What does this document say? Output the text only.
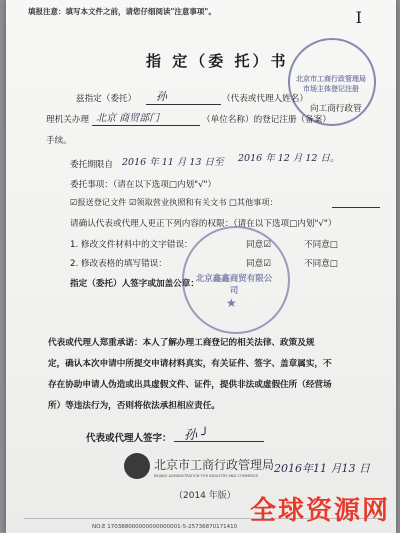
填报注意：填写本文件之前，请您仔细阅读"注意事项"。	I
指 定（委 托）书
北京市工商行政管理局 市场主体登记注册
兹指定（委托） 孙	（代表或代理人姓名）
向工商行政管
理机关办理 北京 商贸部门	（单位名称）的登记注册（备案）
手续。
委托期限自 2016 年 11 月 13 日至 2016 年 12 月 12 日。
委托事项：（请在以下选项□内划"√"）
☑报送登记文件 ☑领取营业执照和有关文书 □其他事项：
请确认代表或代理人更正下列内容的权限：（请在以下选项□内划"√"）
1. 修改文件材料中的文字错误：	同意☑	不同意□
2. 修改表格的填写错误：	同意☑	不同意□
指定（委托）人签字或加盖公章：
北京鑫鑫商贸有限公司
★
代表或代理人郑重承诺：本人了解办理工商登记的相关法律、政策及规
定，确认本次申请中所提交申请材料真实，有关证件、签字、盖章属实，不
存在协助申请人伪造或出具虚假文件、证件，提供非法或虚假住所（经营场
所）等违法行为，否则将依法承担相应责任。
代表或代理人签字： 孙 ╯
2016年11 月13 日
北京市工商行政管理局
BEIJING ADMINISTRATION FOR INDUSTRY AND COMMERCE
（2014 年版）
NO.E 170388000000000000001-5-25736870171410
全球资源网
